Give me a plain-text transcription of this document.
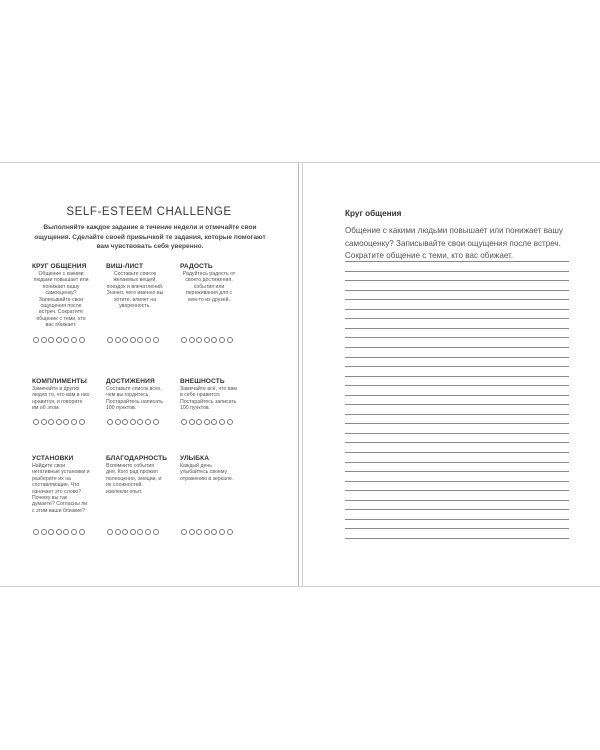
SELF-ESTEEM CHALLENGE
Выполняйте каждое задание в течение недели и отмечайте свои ощущения. Сделайте своей привычкой те задания, которые помогают вам чувствовать себя уверенно.
КРУГ ОБЩЕНИЯ
Общение с какими людьми повышает или понижает вашу самооценку? Записывайте свои ощущения после встреч. Сократите общение с теми, кто вас обижает.
ВИШ-ЛИСТ
Составьте список желаемых вещей, поездок и впечатлений. Значит, чего именно вы хотите, влияет на уверенность.
РАДОСТЬ
Радуйтесь радость от своего достижения, события или переживания для с кем-то из друзей.
КОМПЛИМЕНТЫ
Замечайте в других людях то, что вам в них нравится, и говорите им об этом.
ДОСТИЖЕНИЯ
Составьте список всех, чем вы гордитесь. Постарайтесь написать 100 пунктов.
ВНЕШНОСТЬ
Замечайте всё, что вам в себе нравится. Постарайтесь записать 100 пунктов.
УСТАНОВКИ
Найдите свои негативные установки и разберите их на составляющие. Что означает это слово? Почему вы так думаете? Согласны ли с этим ваши близкие?
БЛАГОДАРНОСТЬ
Вспомните события дня. Кого рад прожил полноценно, эмоции, и их сложностей извлекли опыт.
УЛЫБКА
Каждый день улыбайтесь своему отражению в зеркале.
Круг общения
Общение с какими людьми повышает или понижает вашу самооценку? Записывайте свои ощущения после встреч. Сократите общение с теми, кто вас обижает.
